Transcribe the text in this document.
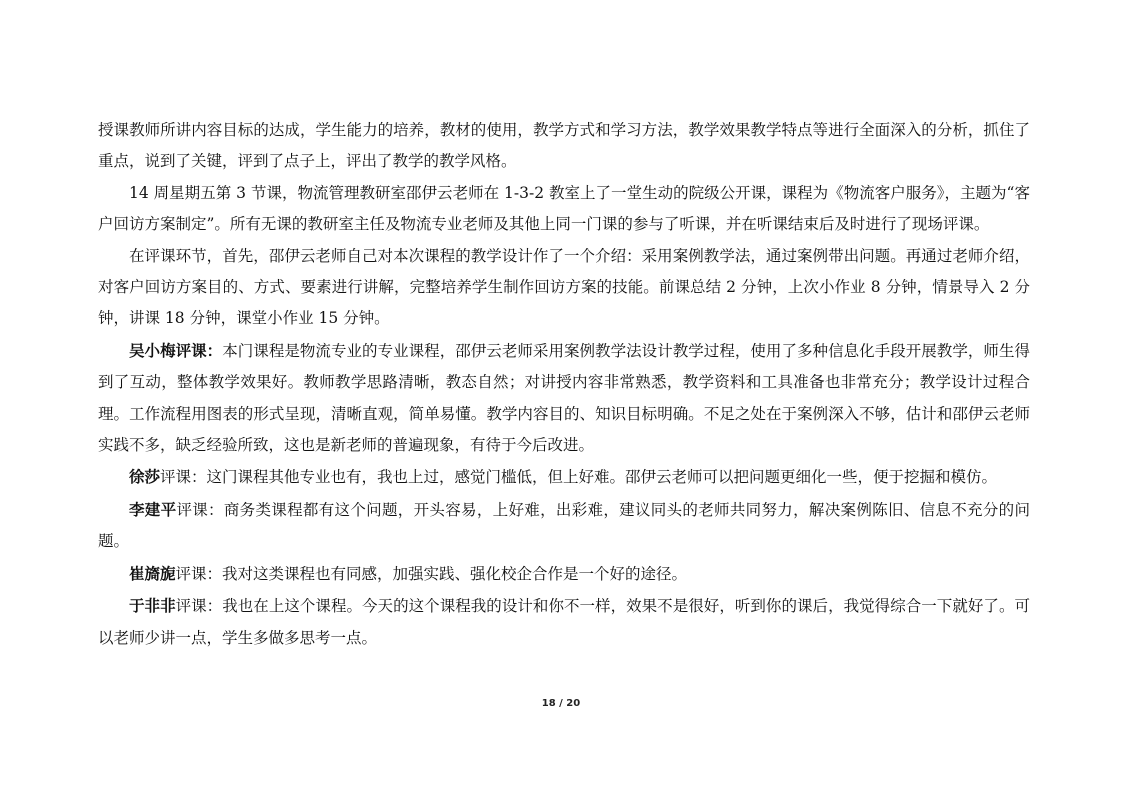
授课教师所讲内容目标的达成，学生能力的培养，教材的使用，教学方式和学习方法，教学效果教学特点等进行全面深入的分析，抓住了重点，说到了关键，评到了点子上，评出了教学的教学风格。

14 周星期五第 3 节课，物流管理教研室邵伊云老师在 1-3-2 教室上了一堂生动的院级公开课，课程为《物流客户服务》，主题为“客户回访方案制定”。所有无课的教研室主任及物流专业老师及其他上同一门课的参与了听课，并在听课结束后及时进行了现场评课。

在评课环节，首先，邵伊云老师自己对本次课程的教学设计作了一个介绍：采用案例教学法，通过案例带出问题。再通过老师介绍，对客户回访方案目的、方式、要素进行讲解，完整培养学生制作回访方案的技能。前课总结 2 分钟，上次小作业 8 分钟，情景导入 2 分钟，讲课 18 分钟，课堂小作业 15 分钟。

吴小梅评课：本门课程是物流专业的专业课程，邵伊云老师采用案例教学法设计教学过程，使用了多种信息化手段开展教学，师生得到了互动，整体教学效果好。教师教学思路清晰，教态自然；对讲授内容非常熟悉，教学资料和工具准备也非常充分；教学设计过程合理。工作流程用图表的形式呈现，清晰直观，简单易懂。教学内容目的、知识目标明确。不足之处在于案例深入不够，估计和邵伊云老师实践不多，缺乏经验所致，这也是新老师的普遍现象，有待于今后改进。

徐莎评课：这门课程其他专业也有，我也上过，感觉门槛低，但上好难。邵伊云老师可以把问题更细化一些，便于挖掘和模仿。

李建平评课：商务类课程都有这个问题，开头容易，上好难，出彩难，建议同头的老师共同努力，解决案例陈旧、信息不充分的问题。

崔旖旎评课：我对这类课程也有同感，加强实践、强化校企合作是一个好的途径。

于非非评课：我也在上这个课程。今天的这个课程我的设计和你不一样，效果不是很好，听到你的课后，我觉得综合一下就好了。可以老师少讲一点，学生多做多思考一点。

18 / 20
